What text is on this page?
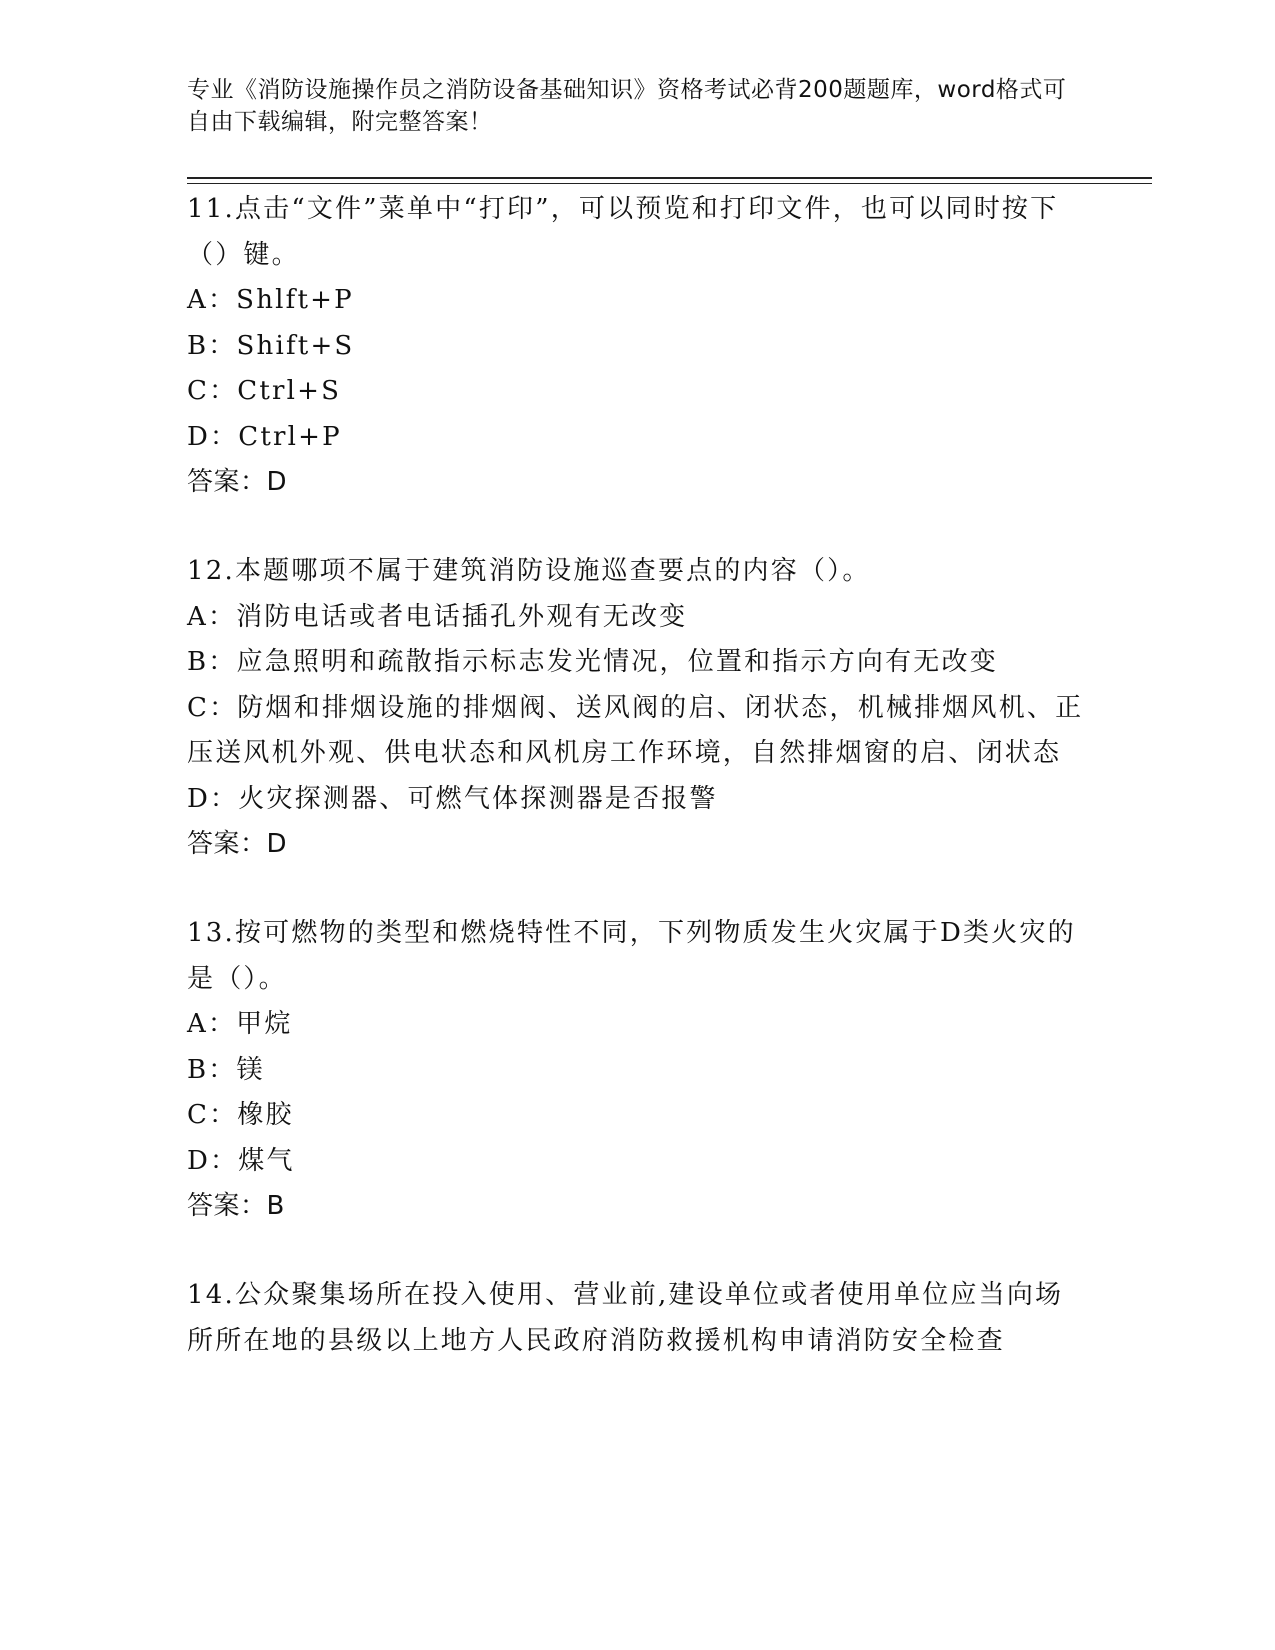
专业《消防设施操作员之消防设备基础知识》资格考试必背200题题库，word格式可自由下载编辑，附完整答案！
11.点击“文件”菜单中“打印”，可以预览和打印文件，也可以同时按下（）键。
A：Shlft+P
B：Shift+S
C：Ctrl+S
D：Ctrl+P
答案：D
12.本题哪项不属于建筑消防设施巡查要点的内容（）。
A：消防电话或者电话插孔外观有无改变
B：应急照明和疏散指示标志发光情况，位置和指示方向有无改变
C：防烟和排烟设施的排烟阀、送风阀的启、闭状态，机械排烟风机、正压送风机外观、供电状态和风机房工作环境，自然排烟窗的启、闭状态
D：火灾探测器、可燃气体探测器是否报警
答案：D
13.按可燃物的类型和燃烧特性不同，下列物质发生火灾属于D类火灾的是（）。
A：甲烷
B：镁
C：橡胶
D：煤气
答案：B
14.公众聚集场所在投入使用、营业前,建设单位或者使用单位应当向场所所在地的县级以上地方人民政府消防救援机构申请消防安全检查
